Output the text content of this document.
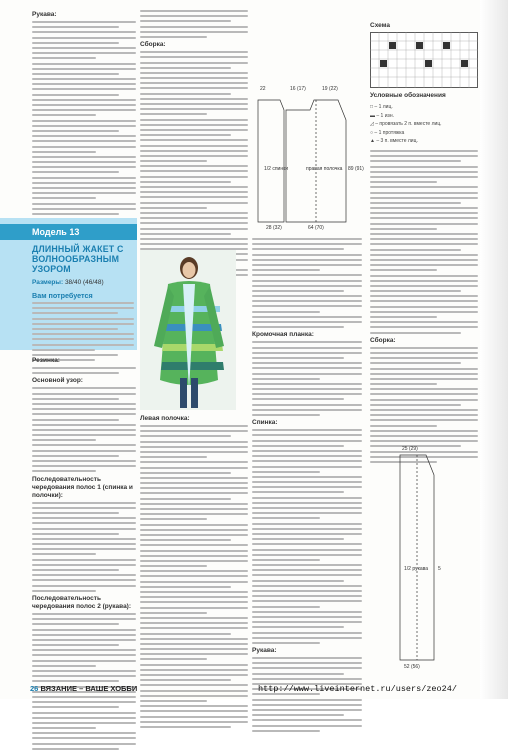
Рукава:
Модель 13
ДЛИННЫЙ ЖАКЕТ С ВОЛНООБРАЗНЫМ УЗОРОМ
Размеры: 38/40 (46/48)
Вам потребуется
Резинка:
Основной узор:
Последовательность чередования полос 1 (спинка и полочки):
Последовательность чередования полос 2 (рукава):
Сборка:
Левая полочка:
22	16 (17)	19 (22)
1/2 спинки	правая полочка 89 (91)
28 (32)	64 (70)
Кромочная планка:
Спинка:
Рукава:
Схема
Условные обозначения
□ – 1 лиц.
▬ – 1 изн.
◿ – провязать 2 п. вместе лиц.
○ – 1 протяжка
▲ – 3 п. вместе лиц.
Сборка:
25 (29)
1/2 рукава 5
52 (56)
26 ВЯЗАНИЕ – ВАШЕ ХОББИ	http://www.liveinternet.ru/users/zeo24/
